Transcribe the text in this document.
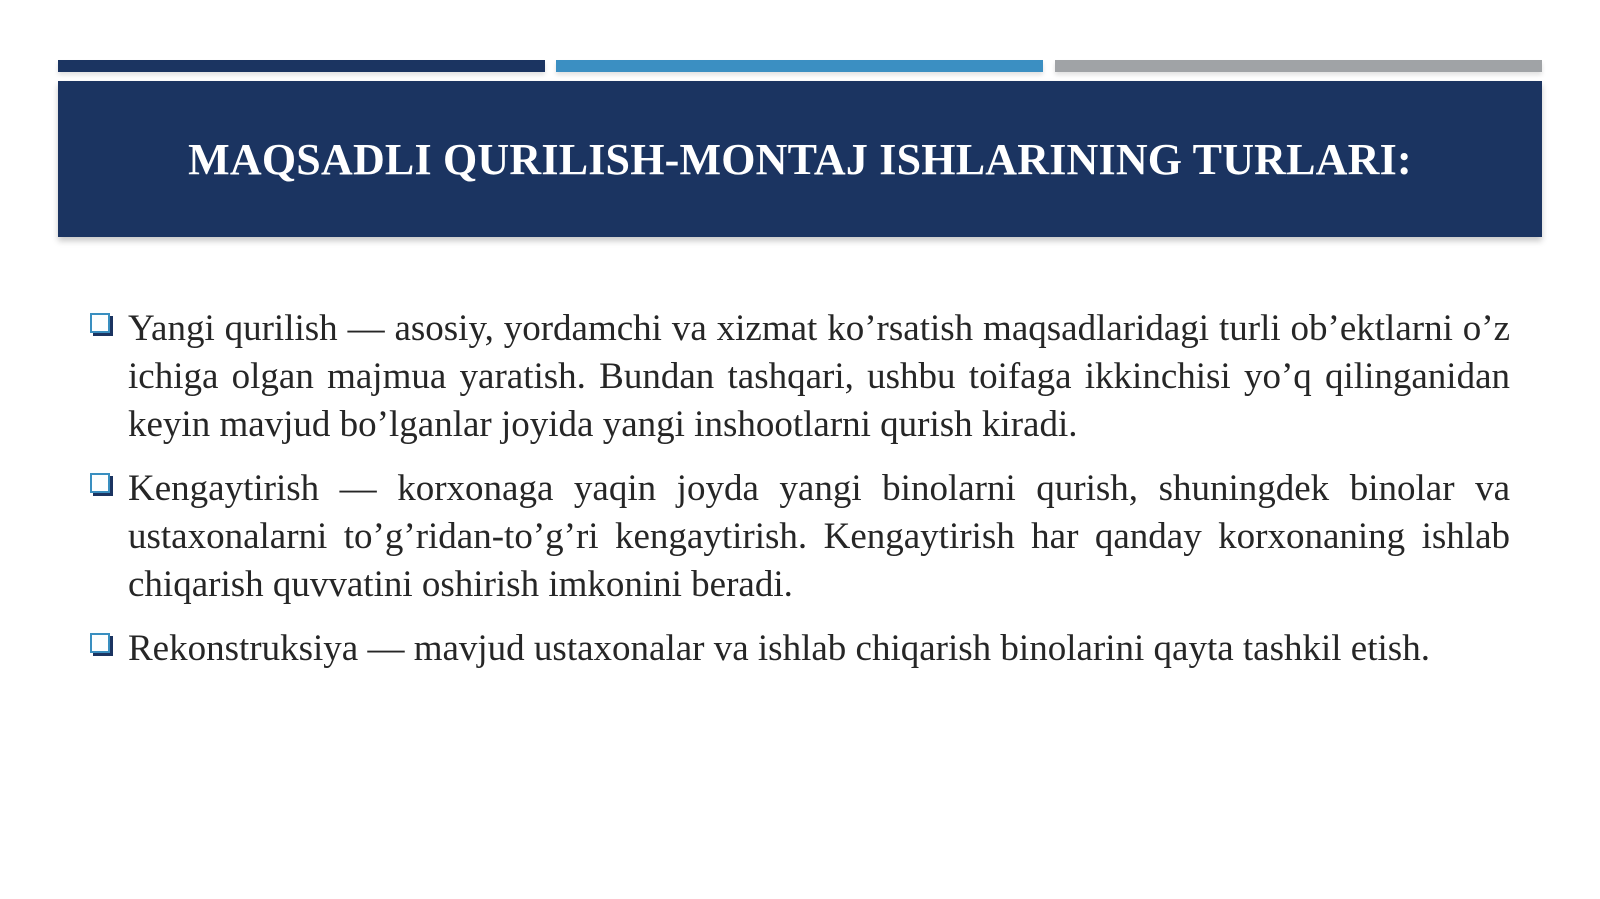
MAQSADLI QURILISH-MONTAJ ISHLARINING TURLARI:
Yangi qurilish — asosiy, yordamchi va xizmat ko’rsatish maqsadlaridagi turli ob’ektlarni o’z ichiga olgan majmua yaratish. Bundan tashqari, ushbu toifaga ikkinchisi yo’q qilinganidan keyin mavjud bo’lganlar joyida yangi inshootlarni qurish kiradi.
Kengaytirish — korxonaga yaqin joyda yangi binolarni qurish, shuningdek binolar va ustaxonalarni to’g’ridan-to’g’ri kengaytirish. Kengaytirish har qanday korxonaning ishlab chiqarish quvvatini oshirish imkonini beradi.
Rekonstruksiya — mavjud ustaxonalar va ishlab chiqarish binolarini qayta tashkil etish.
